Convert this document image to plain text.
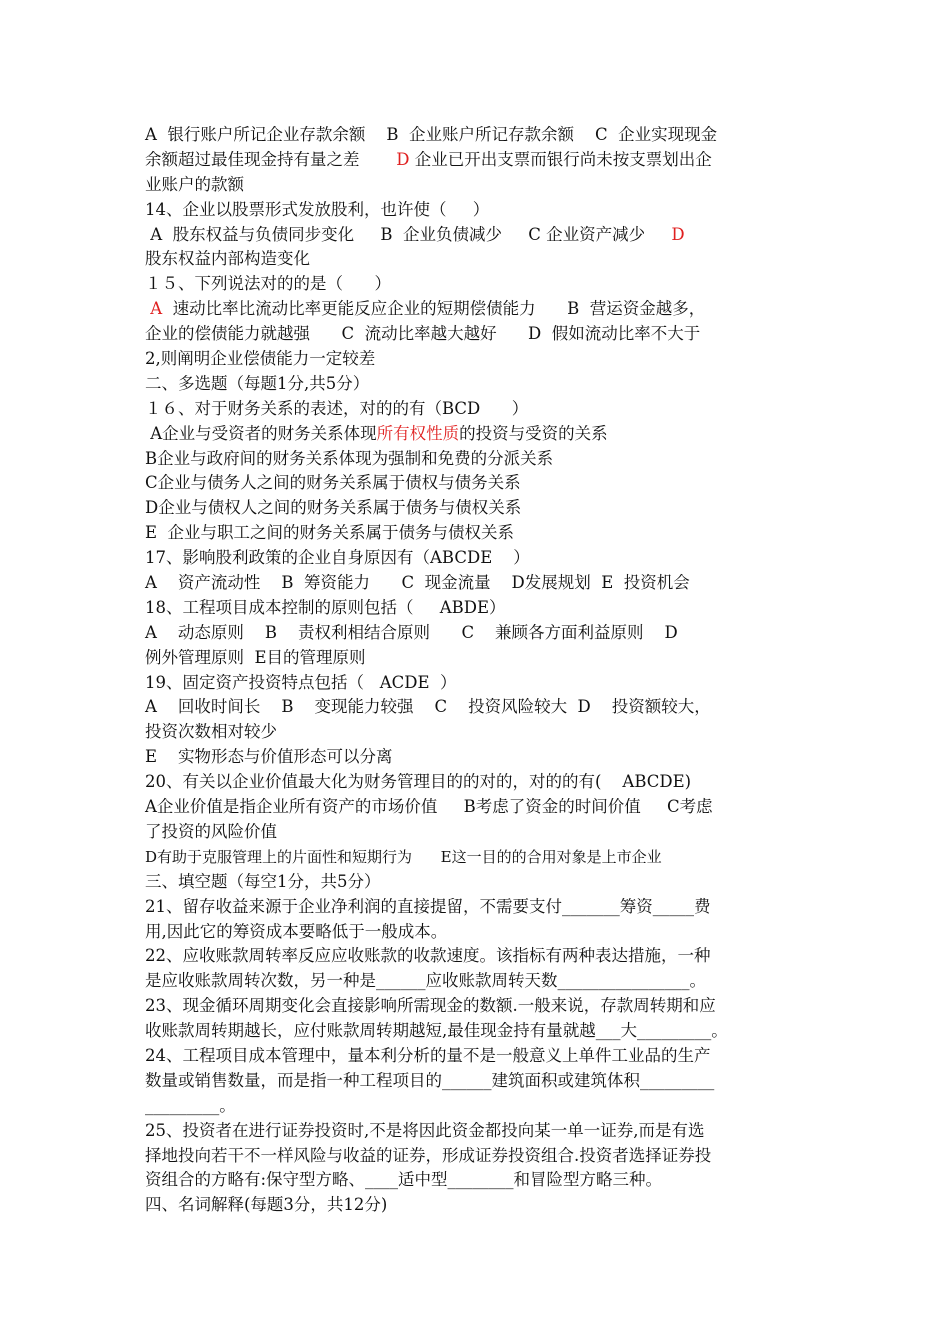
A  银行账户所记企业存款余额    B  企业账户所记存款余额    C  企业实现现金
余额超过最佳现金持有量之差       D 企业已开出支票而银行尚未按支票划出企
业账户的款额
14、企业以股票形式发放股利，也许使（     ）
A  股东权益与负债同步变化     B  企业负债减少     C 企业资产减少     D
股东权益内部构造变化
１５、下列说法对的的是（      ）
A  速动比率比流动比率更能反应企业的短期偿债能力      B  营运资金越多，
企业的偿债能力就越强      C  流动比率越大越好      D  假如流动比率不大于
2,则阐明企业偿债能力一定较差
二、多选题（每题1分,共5分）
１６、对于财务关系的表述，对的的有（BCD      ）
A企业与受资者的财务关系体现所有权性质的投资与受资的关系
B企业与政府间的财务关系体现为强制和免费的分派关系
C企业与债务人之间的财务关系属于债权与债务关系
D企业与债权人之间的财务关系属于债务与债权关系
E  企业与职工之间的财务关系属于债务与债权关系
17、影响股利政策的企业自身原因有（ABCDE    ）
A    资产流动性    B  筹资能力      C  现金流量    D发展规划  E  投资机会
18、工程项目成本控制的原则包括（     ABDE）
A    动态原则    B    责权利相结合原则      C    兼顾各方面利益原则    D
例外管理原则  E目的管理原则
19、固定资产投资特点包括（   ACDE  ）
A    回收时间长    B    变现能力较强    C    投资风险较大  D    投资额较大，
投资次数相对较少
E    实物形态与价值形态可以分离
20、有关以企业价值最大化为财务管理目的的对的，对的的有(    ABCDE)
A企业价值是指企业所有资产的市场价值     B考虑了资金的时间价值     C考虑
了投资的风险价值
D有助于克服管理上的片面性和短期行为      E这一目的的合用对象是上市企业
三、填空题（每空1分，共5分）
21、留存收益来源于企业净利润的直接提留，不需要支付_______筹资_____费
用,因此它的筹资成本要略低于一般成本。
22、应收账款周转率反应应收账款的收款速度。该指标有两种表达措施，一种
是应收账款周转次数，另一种是______应收账款周转天数________________。
23、现金循环周期变化会直接影响所需现金的数额.一般来说，存款周转期和应
收账款周转期越长，应付账款周转期越短,最佳现金持有量就越___大_________。
24、工程项目成本管理中，量本利分析的量不是一般意义上单件工业品的生产
数量或销售数量，而是指一种工程项目的______建筑面积或建筑体积_________
_________。
25、投资者在进行证券投资时,不是将因此资金都投向某一单一证券,而是有选
择地投向若干不一样风险与收益的证券，形成证券投资组合.投资者选择证券投
资组合的方略有:保守型方略、____适中型________和冒险型方略三种。
四、名词解释(每题3分，共12分)
